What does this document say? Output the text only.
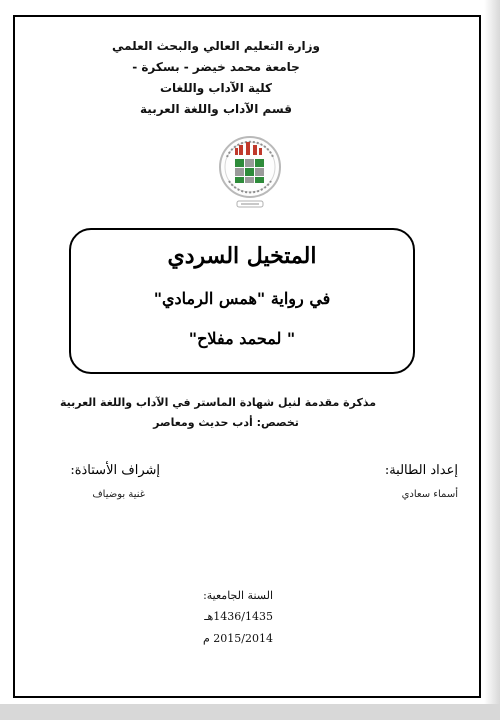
وزارة التعليم العالي والبحث العلمي
جامعة محمد خيضر - بسكرة -
كلية الآداب واللغات
قسم الآداب واللغة العربية
المتخيل السردي
في رواية "همس الرمادي"
" لمحمد مفلاح"
مذكرة مقدمة لنيل شهادة الماستر في الآداب واللغة العربية
تخصص: أدب حديث ومعاصر
إعداد الطالبة:
أسماء سعادي
إشراف الأستاذة:
غنية بوضياف
السنة الجامعية:
1436/1435هـ
2015/2014 م
